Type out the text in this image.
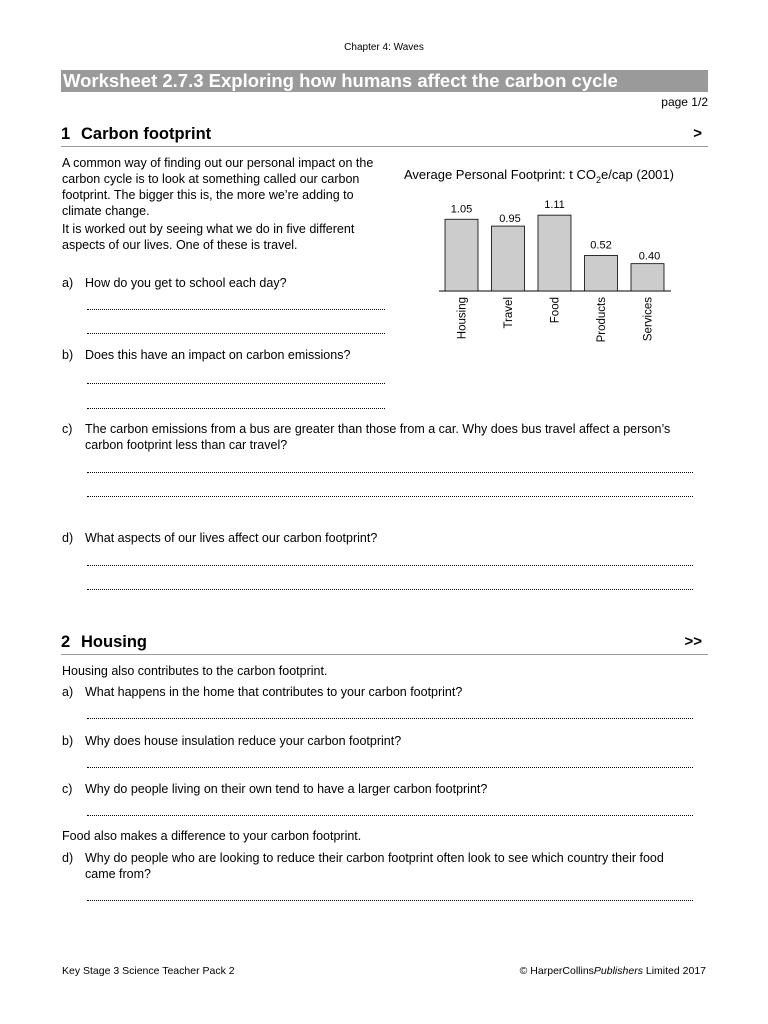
Chapter 4: Waves
Worksheet 2.7.3 Exploring how humans affect the carbon cycle
page 1/2
1 Carbon footprint	>
A common way of finding out our personal impact on the carbon cycle is to look at something called our carbon footprint. The bigger this is, the more we’re adding to climate change.
It is worked out by seeing what we do in five different aspects of our lives. One of these is travel.
Average Personal Footprint: t $CO_2e$/cap (2001)
1.05
Housing
0.95
Travel
1.11
Food
0.52
Products
0.40
Services
a) How do you get to school each day?
b) Does this have an impact on carbon emissions?
c) The carbon emissions from a bus are greater than those from a car. Why does bus travel affect a person’s carbon footprint less than car travel?
d) What aspects of our lives affect our carbon footprint?
2 Housing	>>
Housing also contributes to the carbon footprint.
a) What happens in the home that contributes to your carbon footprint?
b) Why does house insulation reduce your carbon footprint?
c) Why do people living on their own tend to have a larger carbon footprint?
Food also makes a difference to your carbon footprint.
d) Why do people who are looking to reduce their carbon footprint often look to see which country their food came from?
Key Stage 3 Science Teacher Pack 2	© HarperCollinsPublishers Limited 2017
